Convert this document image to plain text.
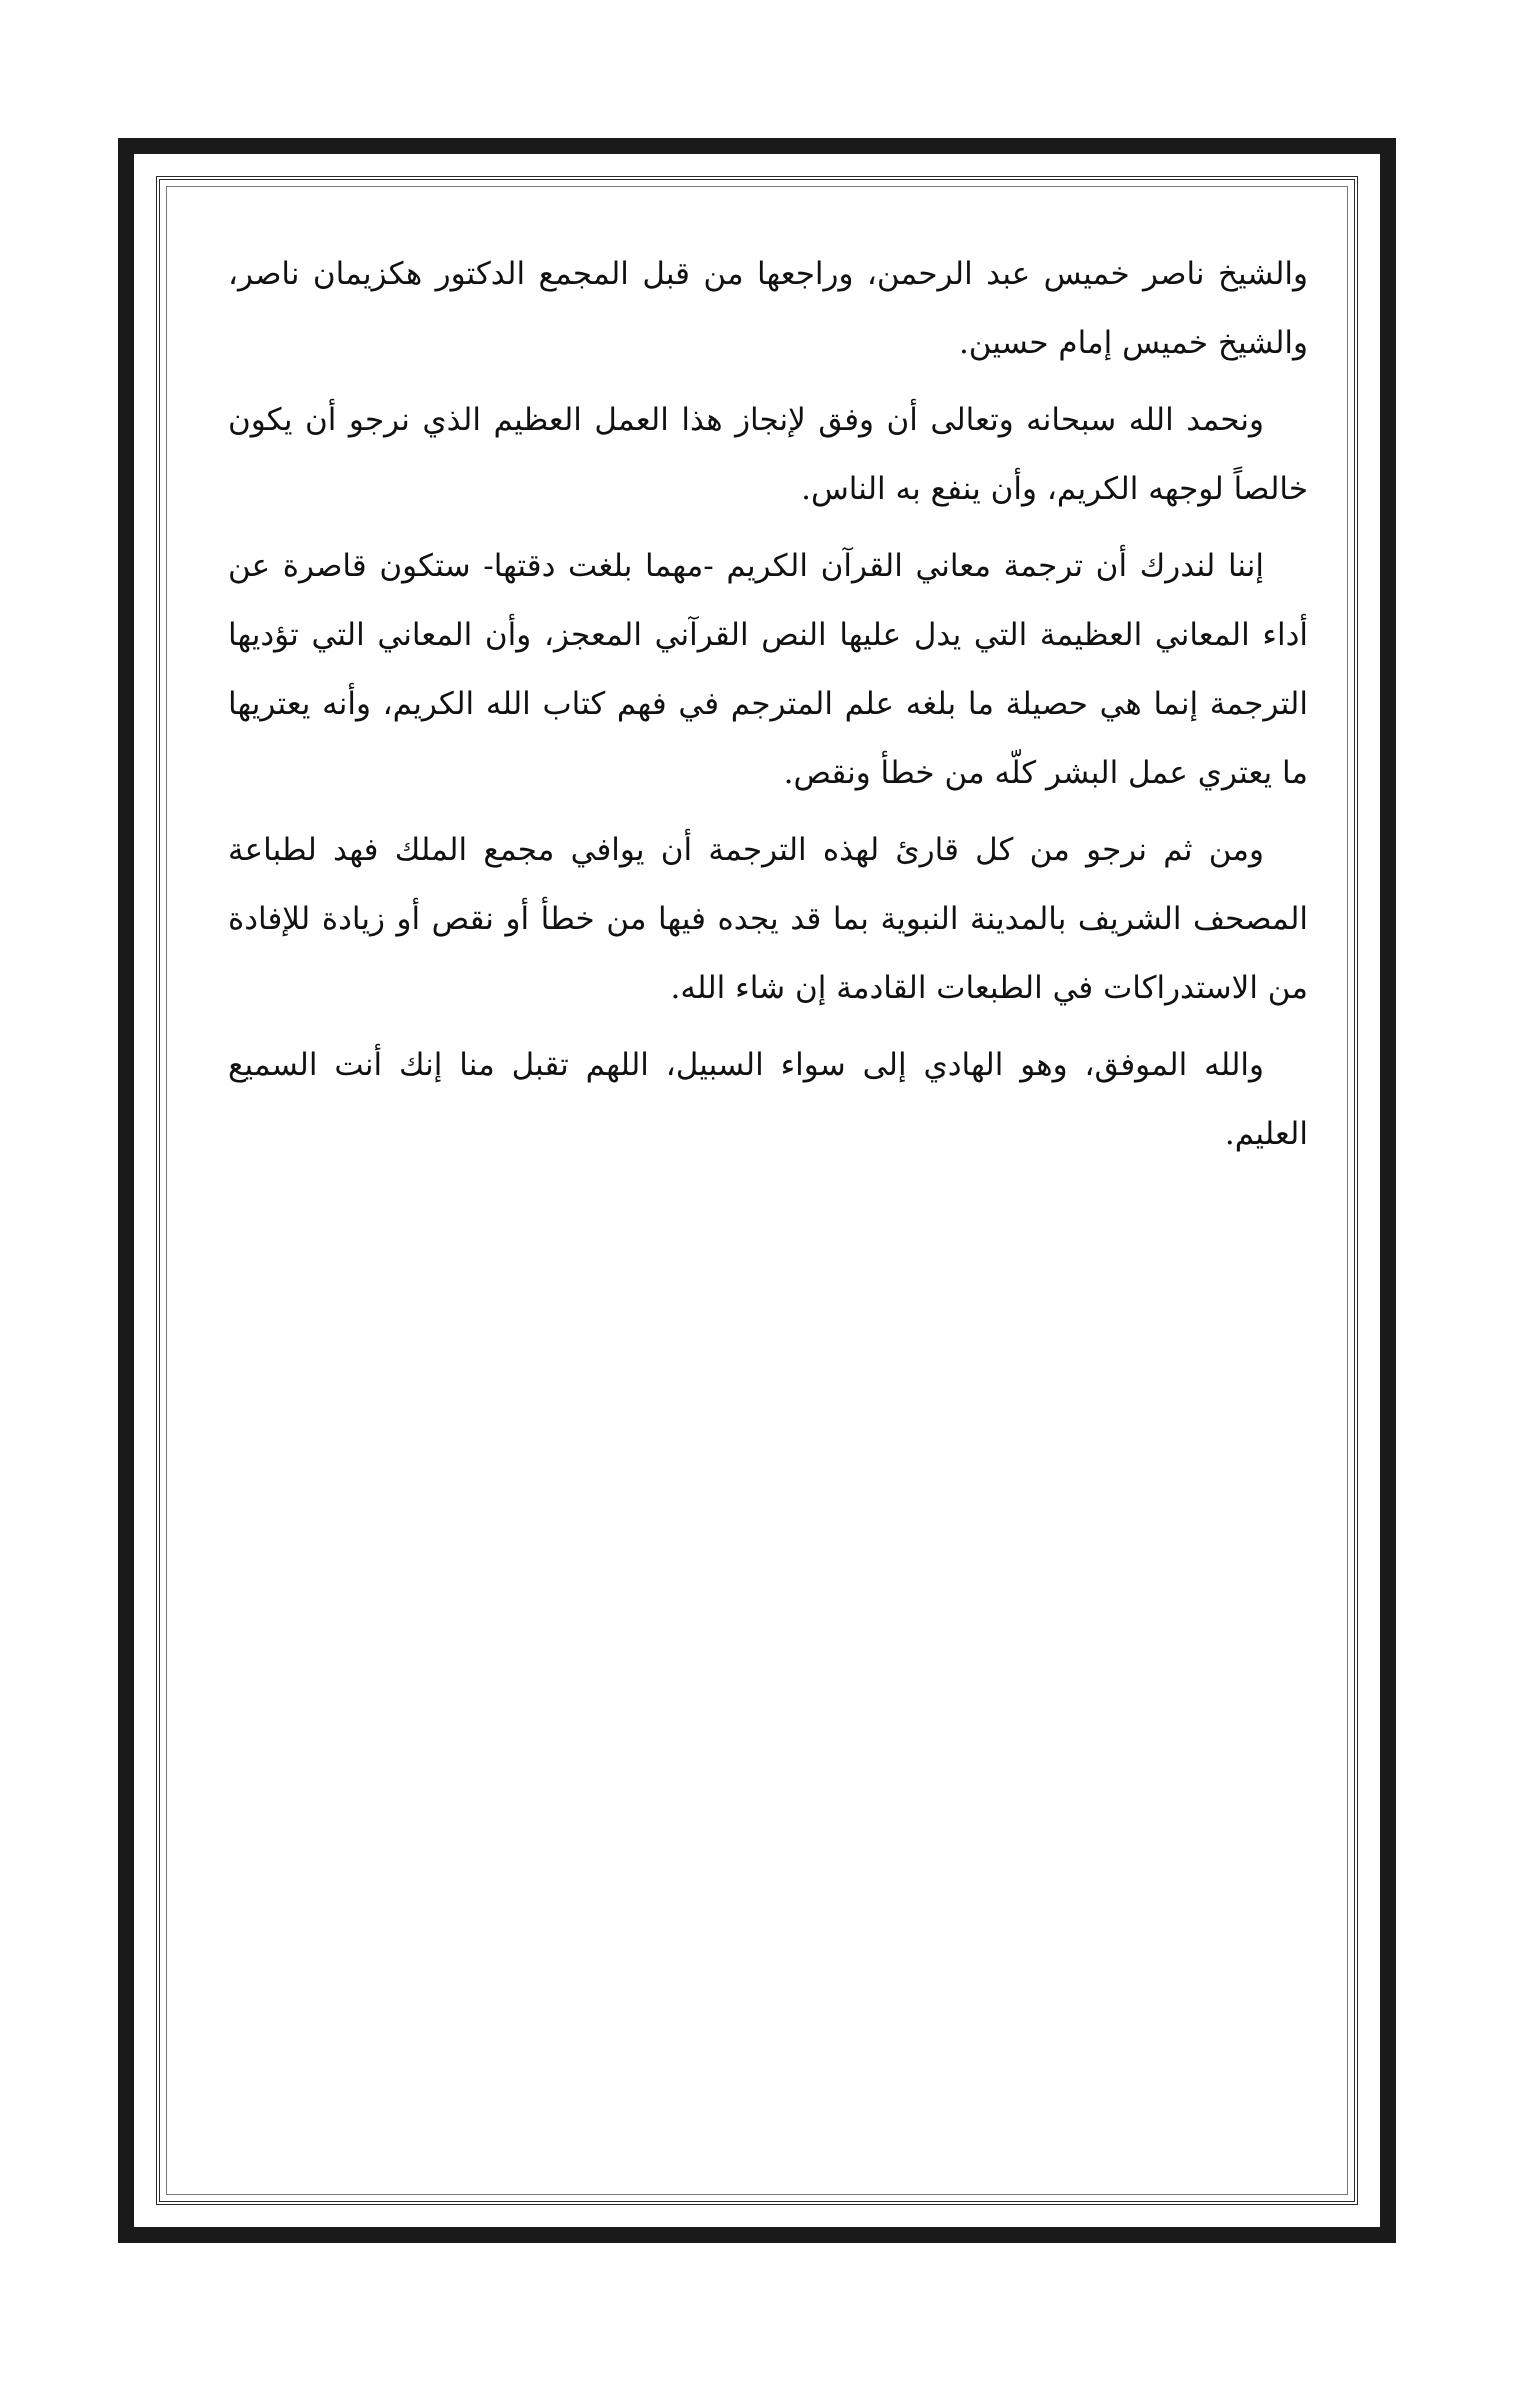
والشيخ ناصر خميس عبد الرحمن، وراجعها من قبل المجمع الدكتور هكزيمان ناصر، والشيخ خميس إمام حسين.

ونحمد الله سبحانه وتعالى أن وفق لإنجاز هذا العمل العظيم الذي نرجو أن يكون خالصاً لوجهه الكريم، وأن ينفع به الناس.

إننا لندرك أن ترجمة معاني القرآن الكريم -مهما بلغت دقتها- ستكون قاصرة عن أداء المعاني العظيمة التي يدل عليها النص القرآني المعجز، وأن المعاني التي تؤديها الترجمة إنما هي حصيلة ما بلغه علم المترجم في فهم كتاب الله الكريم، وأنه يعتريها ما يعتري عمل البشر كلّه من خطأ ونقص.

ومن ثم نرجو من كل قارئ لهذه الترجمة أن يوافي مجمع الملك فهد لطباعة المصحف الشريف بالمدينة النبوية بما قد يجده فيها من خطأ أو نقص أو زيادة للإفادة من الاستدراكات في الطبعات القادمة إن شاء الله.

والله الموفق، وهو الهادي إلى سواء السبيل، اللهم تقبل منا إنك أنت السميع العليم.
